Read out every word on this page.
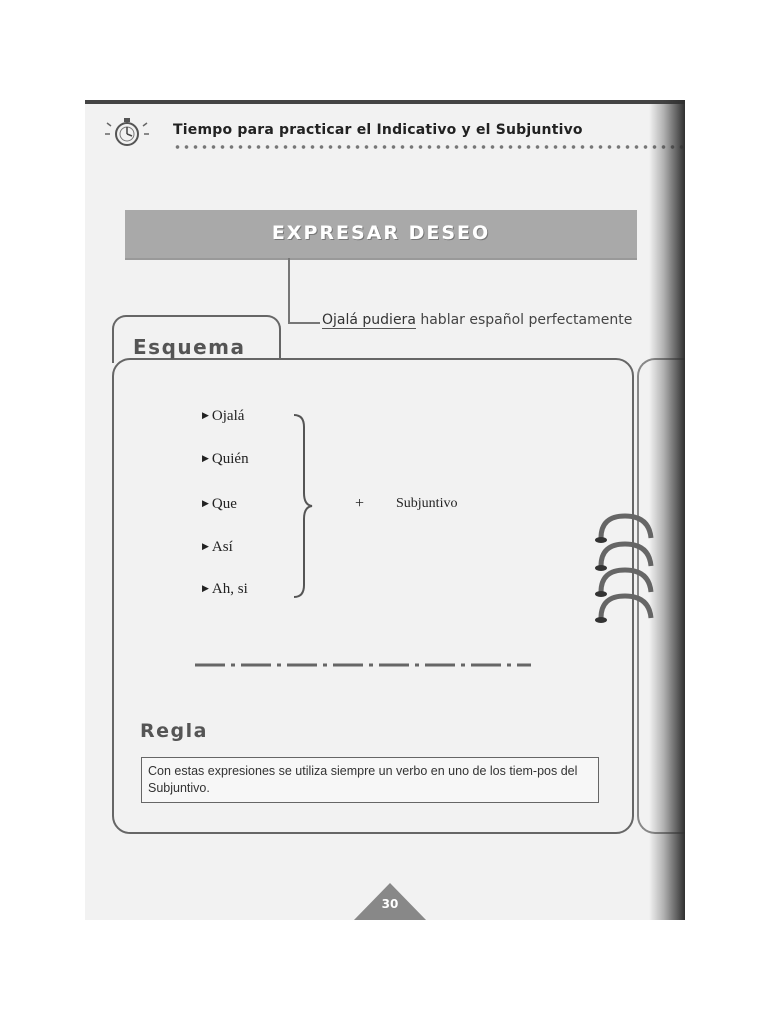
Tiempo para practicar el Indicativo y el Subjuntivo
EXPRESAR DESEO
Ojalá pudiera hablar español perfectamente
Esquema
▶ Ojalá
▶ Quién
▶ Que
▶ Así
▶ Ah, si
+ Subjuntivo
Regla
Con estas expresiones se utiliza siempre un verbo en uno de los tiem-pos del Subjuntivo.
30
